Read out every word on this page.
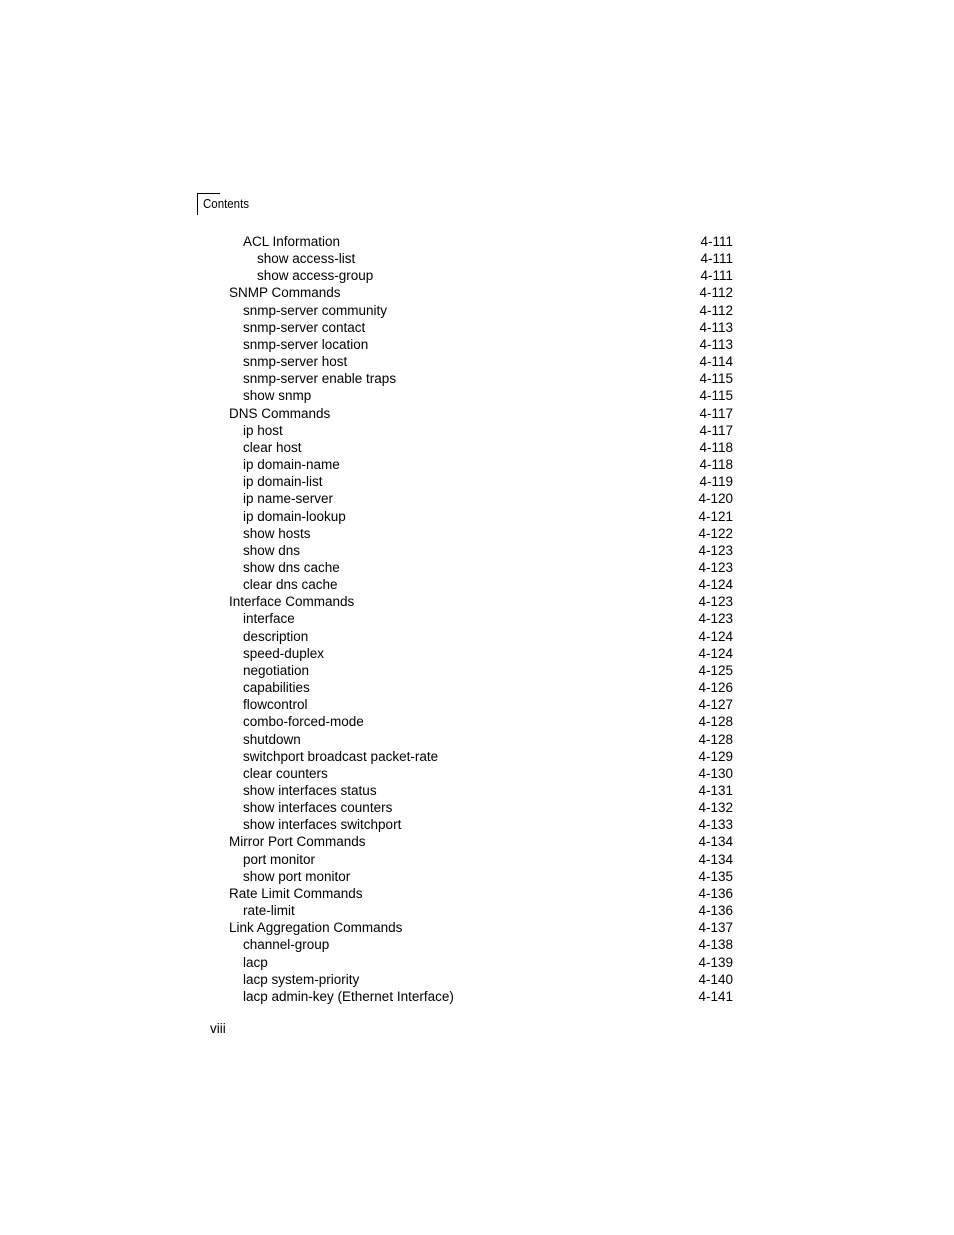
Contents
ACL Information	4-111
show access-list	4-111
show access-group	4-111
SNMP Commands	4-112
snmp-server community	4-112
snmp-server contact	4-113
snmp-server location	4-113
snmp-server host	4-114
snmp-server enable traps	4-115
show snmp	4-115
DNS Commands	4-117
ip host	4-117
clear host	4-118
ip domain-name	4-118
ip domain-list	4-119
ip name-server	4-120
ip domain-lookup	4-121
show hosts	4-122
show dns	4-123
show dns cache	4-123
clear dns cache	4-124
Interface Commands	4-123
interface	4-123
description	4-124
speed-duplex	4-124
negotiation	4-125
capabilities	4-126
flowcontrol	4-127
combo-forced-mode	4-128
shutdown	4-128
switchport broadcast packet-rate	4-129
clear counters	4-130
show interfaces status	4-131
show interfaces counters	4-132
show interfaces switchport	4-133
Mirror Port Commands	4-134
port monitor	4-134
show port monitor	4-135
Rate Limit Commands	4-136
rate-limit	4-136
Link Aggregation Commands	4-137
channel-group	4-138
lacp	4-139
lacp system-priority	4-140
lacp admin-key (Ethernet Interface)	4-141
viii
